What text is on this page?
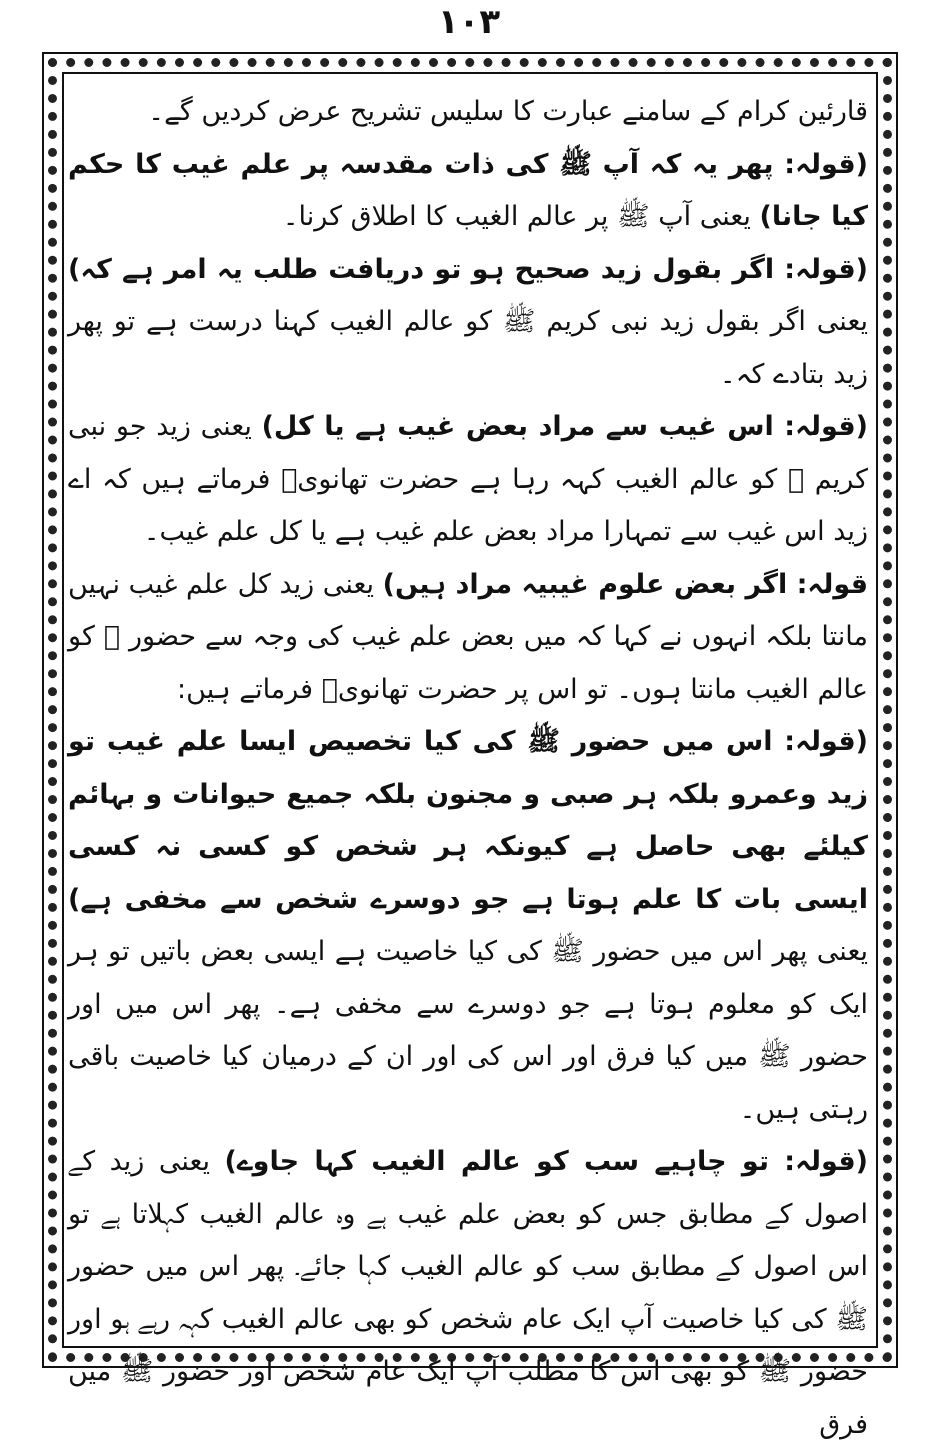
۱۰۳

قارئین کرام کے سامنے عبارت کا سلیس تشریح عرض کردیں گے۔

(قولہ: پھر یہ کہ آپ ﷺ کی ذات مقدسہ پر علم غیب کا حکم کیا جانا) یعنی آپ ﷺ پر عالم الغیب کا اطلاق کرنا۔

(قولہ: اگر بقول زید صحیح ہو تو دریافت طلب یہ امر ہے کہ) یعنی اگر بقول زید نبی کریم ﷺ کو عالم الغیب کہنا درست ہے تو پھر زید بتادے کہ۔

(قولہ: اس غیب سے مراد بعض غیب ہے یا کل) یعنی زید جو نبی کریم ﷺ کو عالم الغیب کہہ رہا ہے حضرت تھانویؒ فرماتے ہیں کہ اے زید اس غیب سے تمہارا مراد بعض علم غیب ہے یا کل علم غیب۔

قولہ: اگر بعض علوم غیبیہ مراد ہیں) یعنی زید کل علم غیب نہیں مانتا بلکہ انہوں نے کہا کہ میں بعض علم غیب کی وجہ سے حضور ﷺ کو عالم الغیب مانتا ہوں۔ تو اس پر حضرت تھانویؒ فرماتے ہیں:

(قولہ: اس میں حضور ﷺ کی کیا تخصیص ایسا علم غیب تو زید وعمرو بلکہ ہر صبی و مجنون بلکہ جمیع حیوانات و بہائم کیلئے بھی حاصل ہے کیونکہ ہر شخص کو کسی نہ کسی ایسی بات کا علم ہوتا ہے جو دوسرے شخص سے مخفی ہے) یعنی پھر اس میں حضور ﷺ کی کیا خاصیت ہے ایسی بعض باتیں تو ہر ایک کو معلوم ہوتا ہے جو دوسرے سے مخفی ہے۔ پھر اس میں اور حضور ﷺ میں کیا فرق اور اس کی اور ان کے درمیان کیا خاصیت باقی رہتی ہیں۔

(قولہ: تو چاہیے سب کو عالم الغیب کہا جاوے) یعنی زید کے اصول کے مطابق جس کو بعض علم غیب ہے وہ عالم الغیب کہلاتا ہے تو اس اصول کے مطابق سب کو عالم الغیب کہا جائے۔ پھر اس میں حضور ﷺ کی کیا خاصیت آپ ایک عام شخص کو بھی عالم الغیب کہہ رہے ہو اور حضور ﷺ کو بھی اس کا مطلب آپ ایک عام شخص اور حضور ﷺ میں فرق
